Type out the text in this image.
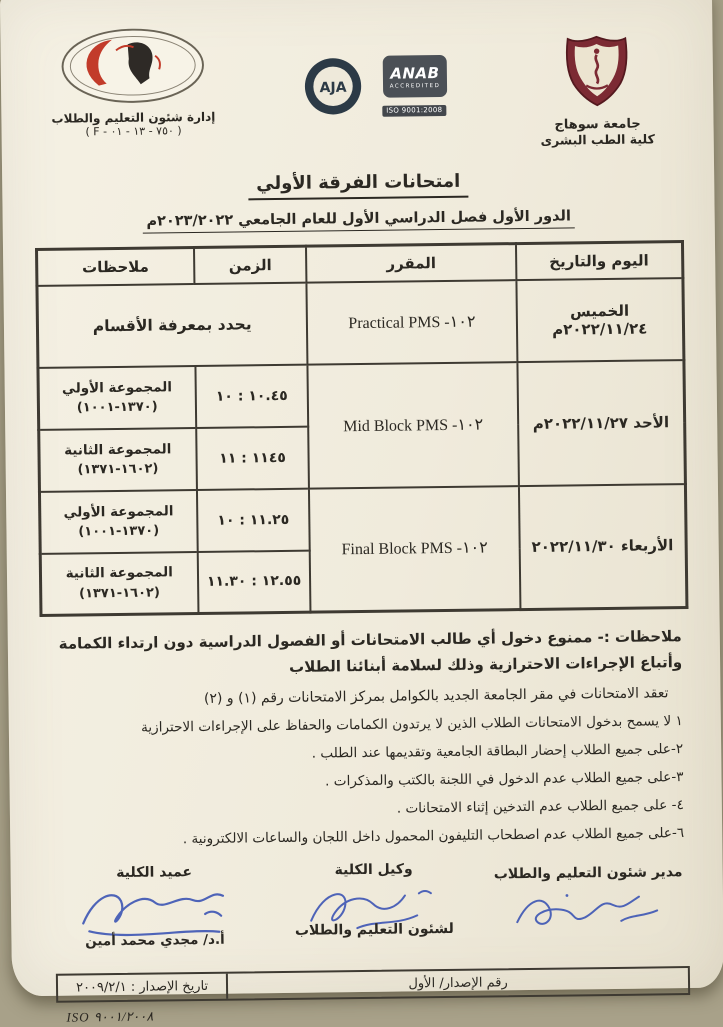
جامعة سوهاج
كلية الطب البشرى
ANAB
ACCREDITED
ISO 9001:2008
AJA
إدارة شئون التعليم والطلاب
( F - ٧٥٠ - ١٣ - ٠١ )
امتحانات الفرقة الأولي
الدور الأول فصل الدراسي الأول للعام الجامعي ٢٠٢٣/٢٠٢٢م
اليوم والتاريخ	المقرر	الزمن	ملاحظات
الخميس ٢٠٢٢/١١/٢٤م	Practical PMS -١٠٢	يحدد بمعرفة الأقسام	
الأحد ٢٠٢٢/١١/٢٧م	Mid Block PMS -١٠٢	١٠.٤٥ : ١٠	المجموعة الأولي
(١٣٧٠-١٠٠١)

		١١٤٥ : ١١	المجموعة الثانية
(١٦٠٢-١٣٧١)

الأربعاء ٢٠٢٢/١١/٣٠	Final Block PMS -١٠٢	١١.٢٥ : ١٠	المجموعة الأولي
(١٣٧٠-١٠٠١)

		١٢.٥٥ : ١١.٣٠	المجموعة الثانية
(١٦٠٢-١٣٧١)
ملاحظات :- ممنوع دخول أي طالب الامتحانات أو الفصول الدراسية دون ارتداء الكمامة
وأتباع الإجراءات الاحترازية وذلك لسلامة أبنائنا الطلاب
تعقد الامتحانات في مقر الجامعة الجديد بالكوامل بمركز الامتحانات رقم (١) و (٢)
١ لا يسمح بدخول الامتحانات الطلاب الذين لا يرتدون الكمامات والحفاظ على الإجراءات الاحترازية
٢-على جميع الطلاب إحضار البطاقة الجامعية وتقديمها عند الطلب .
٣-على جميع الطلاب عدم الدخول في اللجنة بالكتب والمذكرات .
٤- على جميع الطلاب عدم التدخين إثناء الامتحانات .
٦-على جميع الطلاب عدم اصطحاب التليفون المحمول داخل اللجان والساعات الالكترونية .
مدير شئون التعليم والطلاب
وكيل الكلية
لشئون التعليم والطلاب
عميد الكلية
أ.د/ مجدي محمد أمين
رقم الإصدار/ الأول
تاريخ الإصدار : ٢٠٠٩/٢/١
ISO ٩٠٠١/٢٠٠٨
